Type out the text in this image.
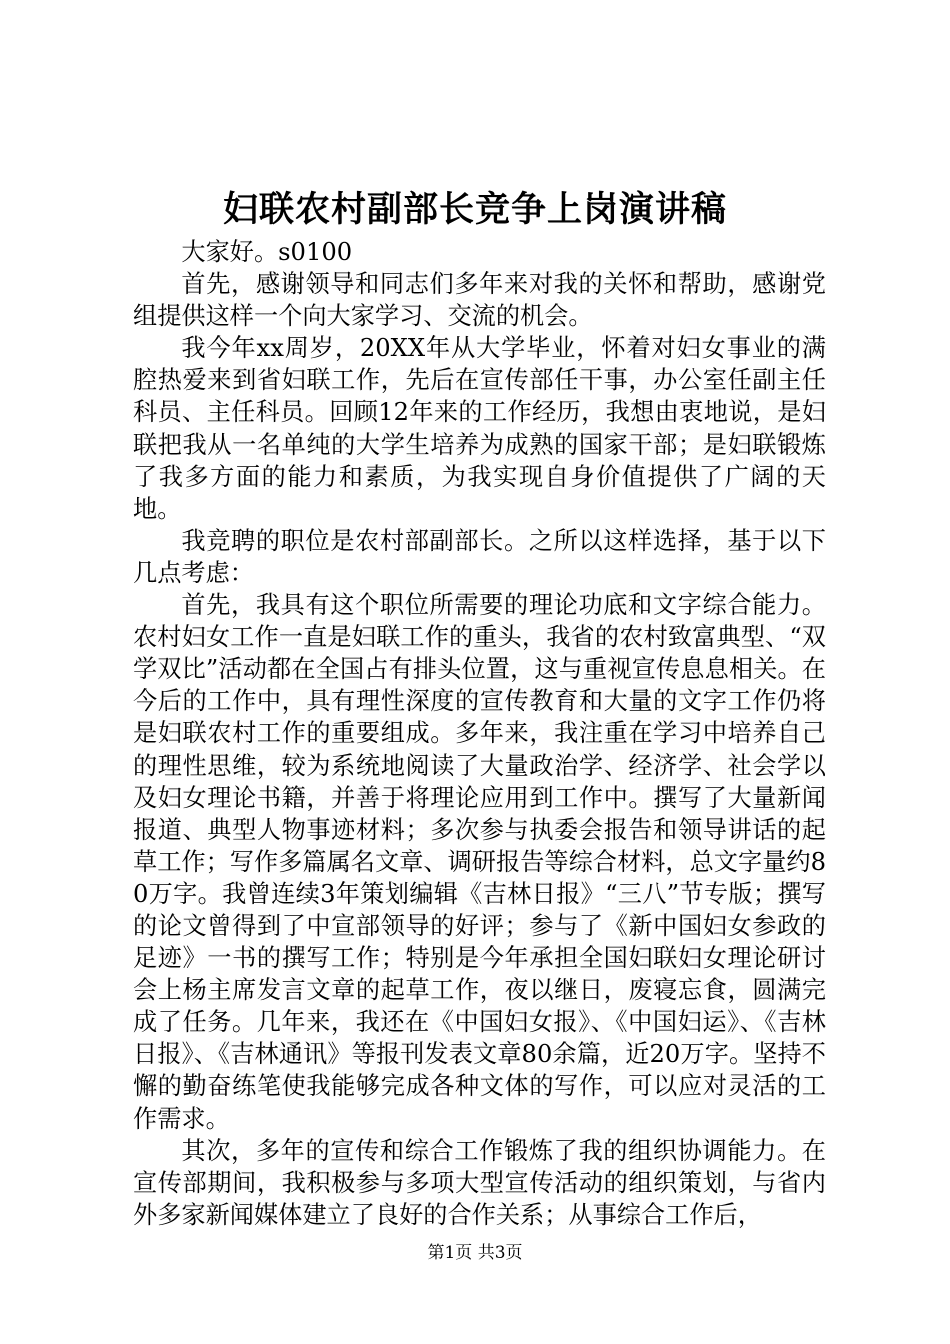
妇联农村副部长竞争上岗演讲稿

大家好。s0100

首先，感谢领导和同志们多年来对我的关怀和帮助，感谢党组提供这样一个向大家学习、交流的机会。

我今年xx周岁，20XX年从大学毕业，怀着对妇女事业的满腔热爱来到省妇联工作，先后在宣传部任干事，办公室任副主任科员、主任科员。回顾12年来的工作经历，我想由衷地说，是妇联把我从一名单纯的大学生培养为成熟的国家干部；是妇联锻炼了我多方面的能力和素质，为我实现自身价值提供了广阔的天地。

我竞聘的职位是农村部副部长。之所以这样选择，基于以下几点考虑：

首先，我具有这个职位所需要的理论功底和文字综合能力。农村妇女工作一直是妇联工作的重头，我省的农村致富典型、“双学双比”活动都在全国占有排头位置，这与重视宣传息息相关。在今后的工作中，具有理性深度的宣传教育和大量的文字工作仍将是妇联农村工作的重要组成。多年来，我注重在学习中培养自己的理性思维，较为系统地阅读了大量政治学、经济学、社会学以及妇女理论书籍，并善于将理论应用到工作中。撰写了大量新闻报道、典型人物事迹材料；多次参与执委会报告和领导讲话的起草工作；写作多篇属名文章、调研报告等综合材料，总文字量约80万字。我曾连续3年策划编辑《吉林日报》“三八”节专版；撰写的论文曾得到了中宣部领导的好评；参与了《新中国妇女参政的足迹》一书的撰写工作；特别是今年承担全国妇联妇女理论研讨会上杨主席发言文章的起草工作，夜以继日，废寝忘食，圆满完成了任务。几年来，我还在《中国妇女报》、《中国妇运》、《吉林日报》、《吉林通讯》等报刊发表文章80余篇，近20万字。坚持不懈的勤奋练笔使我能够完成各种文体的写作，可以应对灵活的工作需求。

其次，多年的宣传和综合工作锻炼了我的组织协调能力。在宣传部期间，我积极参与多项大型宣传活动的组织策划，与省内外多家新闻媒体建立了良好的合作关系；从事综合工作后，

第1页 共3页
